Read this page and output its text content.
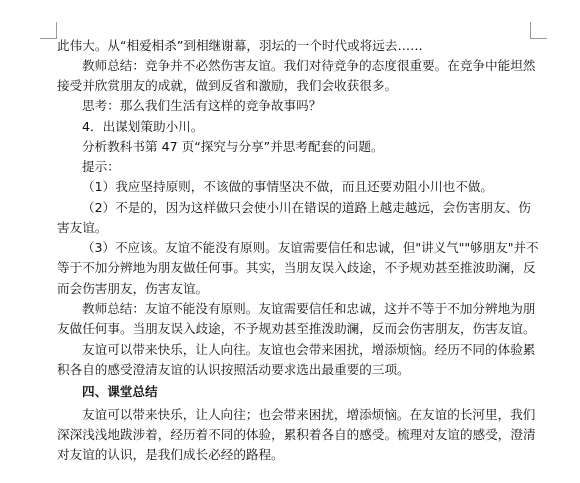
此伟大。从“相爱相杀”到相继谢幕，羽坛的一个时代或将远去……
教师总结：竞争并不必然伤害友谊。我们对待竞争的态度很重要。在竞争中能坦然
接受并欣赏朋友的成就，做到反省和激励，我们会收获很多。
思考：那么我们生活有这样的竞争故事吗？
4．出谋划策助小川。
分析教科书第 47 页“探究与分享”并思考配套的问题。
提示：
（1）我应坚持原则，不该做的事情坚决不做，而且还要劝阻小川也不做。
（2）不是的，因为这样做只会使小川在错误的道路上越走越远，会伤害朋友、伤
害友谊。
（3）不应该。友谊不能没有原则。友谊需要信任和忠诚，但"讲义气""够朋友"并不
等于不加分辨地为朋友做任何事。其实，当朋友误入歧途，不予规劝甚至推波助澜，反
而会伤害朋友，伤害友谊。
教师总结：友谊不能没有原则。友谊需要信任和忠诚，这并不等于不加分辨地为朋
友做任何事。当朋友误入歧途，不予规劝甚至推泼助澜，反而会伤害朋友，伤害友谊。
友谊可以带来快乐，让人向往。友谊也会带来困扰，增添烦恼。经历不同的体验累
积各自的感受澄清友谊的认识按照活动要求选出最重要的三项。
四、课堂总结
友谊可以带来快乐，让人向往；也会带来困扰，增添烦恼。在友谊的长河里，我们
深深浅浅地跋涉着，经历着不同的体验，累积着各自的感受。梳理对友谊的感受，澄清
对友谊的认识，是我们成长必经的路程。
